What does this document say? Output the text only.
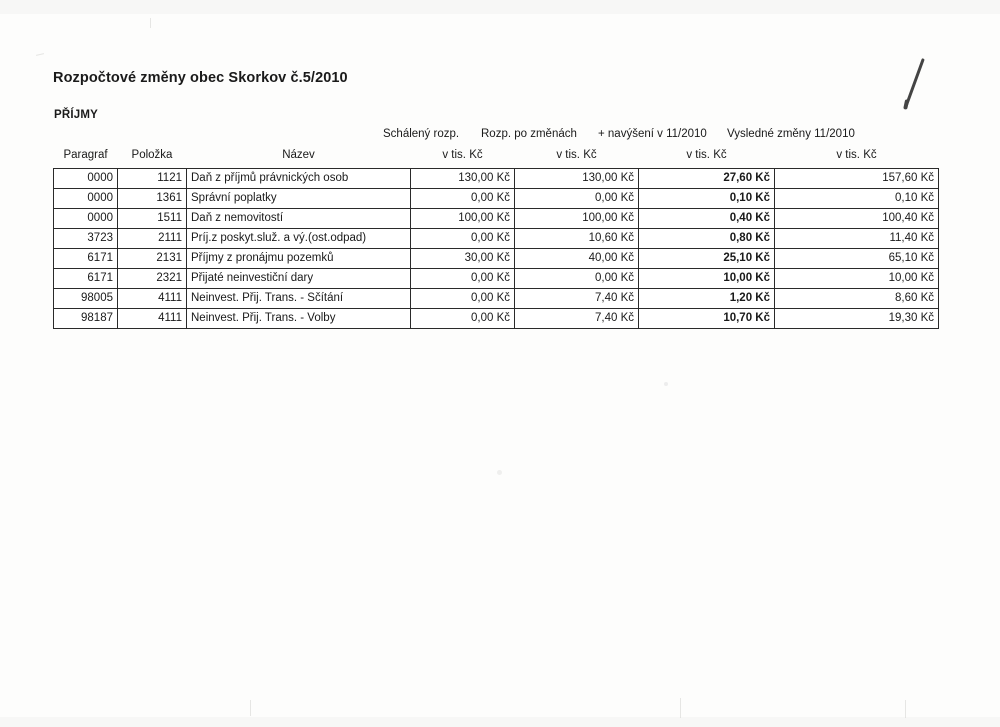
Rozpočtové změny obec Skorkov č.5/2010
PŘÍJMY
Schálený rozp.	Rozp. po změnách	+ navýšení v 11/2010	Vysledné změny 11/2010
Paragraf	Položka	Název	v tis. Kč	v tis. Kč	v tis. Kč	v tis. Kč
0000	1121	Daň z příjmů právnických osob	130,00 Kč	130,00 Kč	27,60 Kč	157,60 Kč
0000	1361	Správní poplatky	0,00 Kč	0,00 Kč	0,10 Kč	0,10 Kč
0000	1511	Daň z nemovitostí	100,00 Kč	100,00 Kč	0,40 Kč	100,40 Kč
3723	2111	Príj.z poskyt.služ. a vý.(ost.odpad)	0,00 Kč	10,60 Kč	0,80 Kč	11,40 Kč
6171	2131	Příjmy z pronájmu pozemků	30,00 Kč	40,00 Kč	25,10 Kč	65,10 Kč
6171	2321	Přijaté neinvestiční dary	0,00 Kč	0,00 Kč	10,00 Kč	10,00 Kč
98005	4111	Neinvest. Přij. Trans. - Sčítání	0,00 Kč	7,40 Kč	1,20 Kč	8,60 Kč
98187	4111	Neinvest. Přij. Trans. - Volby	0,00 Kč	7,40 Kč	10,70 Kč	19,30 Kč
